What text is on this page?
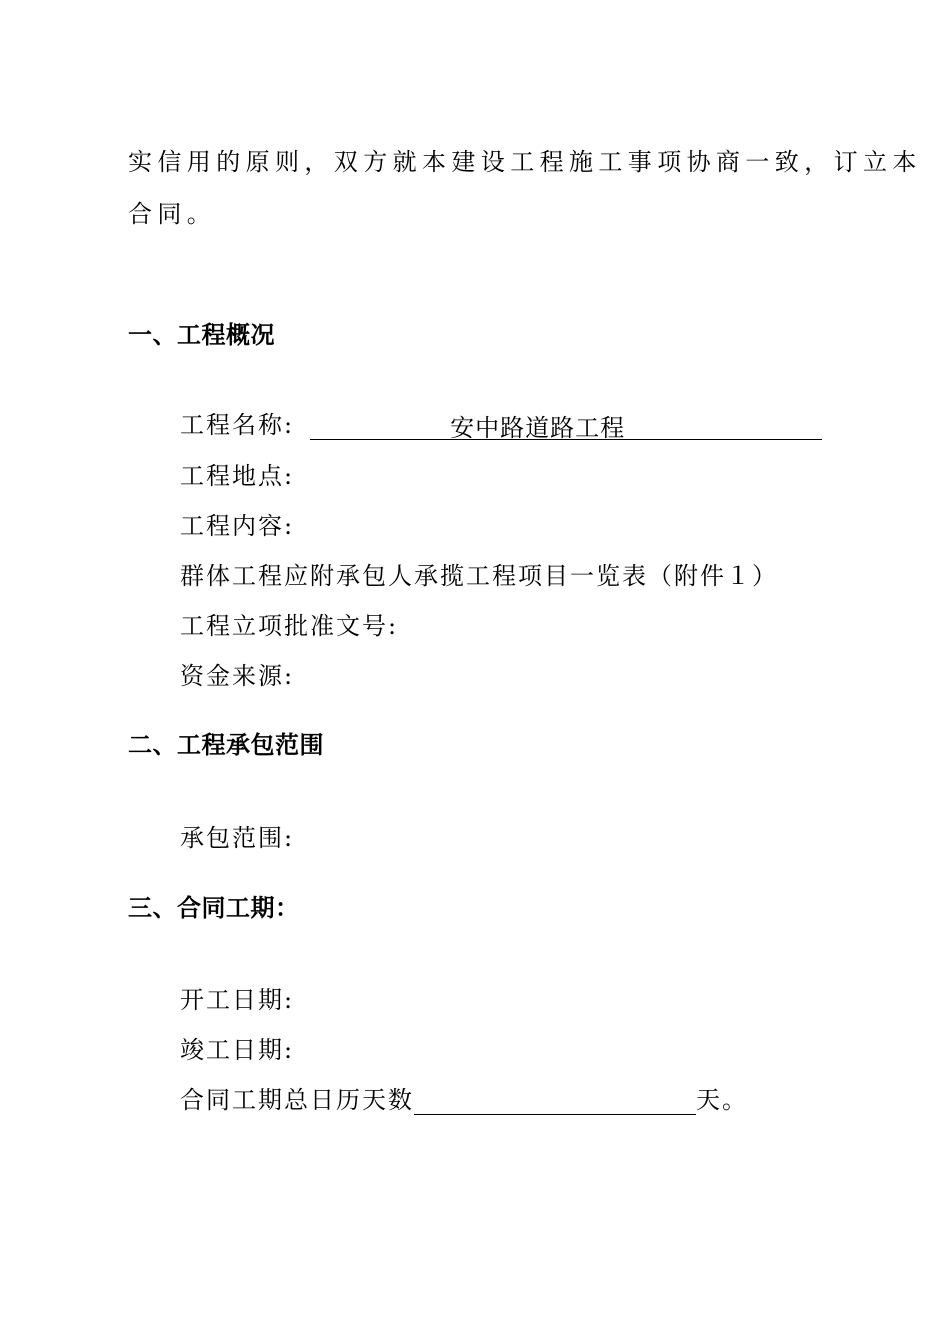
实信用的原则，双方就本建设工程施工事项协商一致，订立本
合同。
一、工程概况
工程名称:	安中路道路工程
工程地点:
工程内容:
群体工程应附承包人承揽工程项目一览表（附件１）
工程立项批准文号:
资金来源:
二、工程承包范围
承包范围:
三、合同工期：
开工日期:
竣工日期:
合同工期总日历天数	天。
